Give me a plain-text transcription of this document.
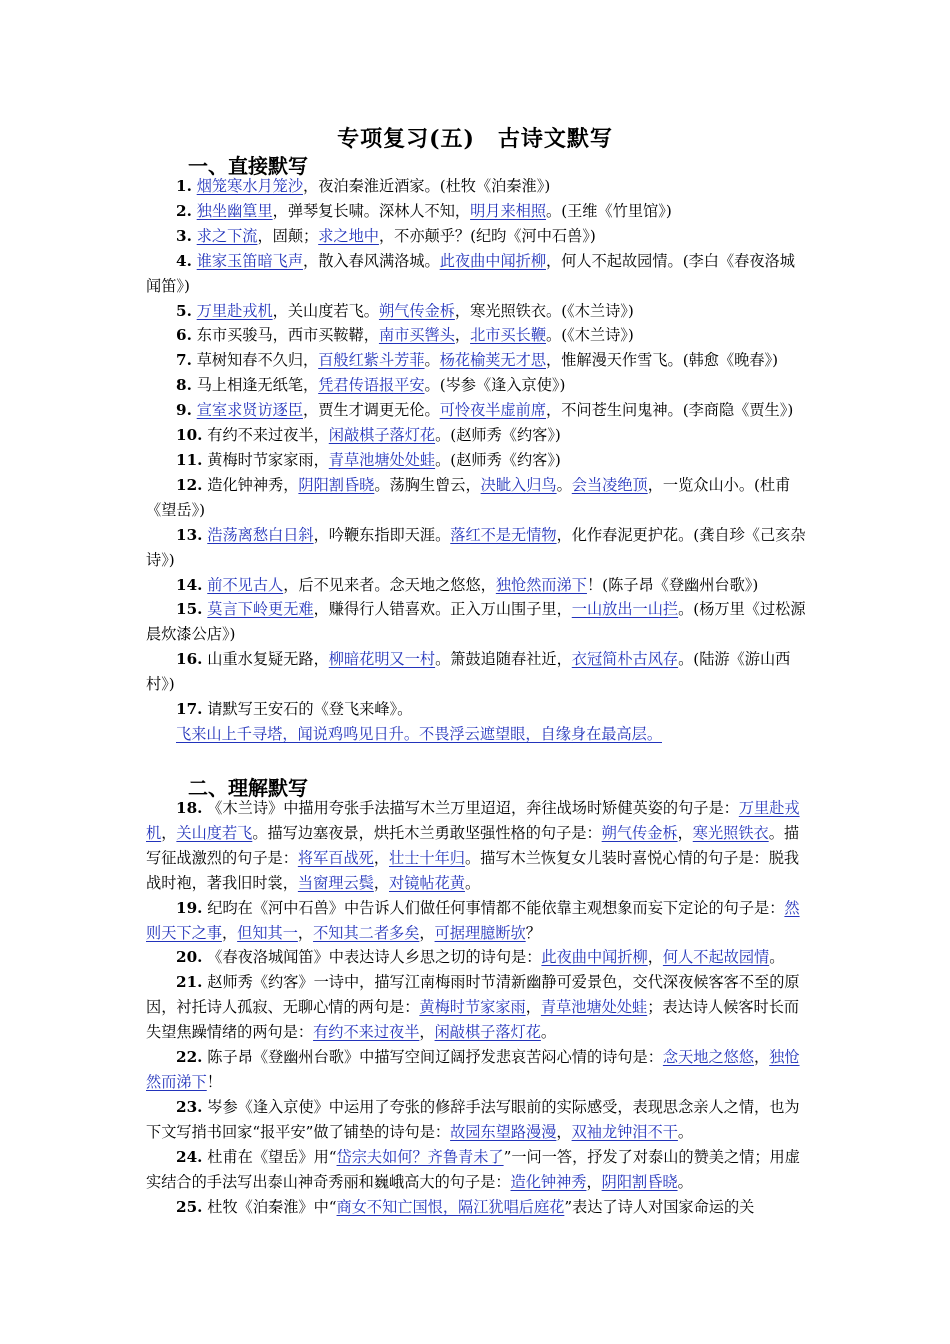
专项复习(五)　古诗文默写
一、直接默写

1. 烟笼寒水月笼沙，夜泊秦淮近酒家。(杜牧《泊秦淮》)

2. 独坐幽篁里，弹琴复长啸。深林人不知，明月来相照。(王维《竹里馆》)

3. 求之下流，固颠；求之地中，不亦颠乎？(纪昀《河中石兽》)

4. 谁家玉笛暗飞声，散入春风满洛城。此夜曲中闻折柳，何人不起故园情。(李白《春夜洛城闻笛》)

5. 万里赴戎机，关山度若飞。朔气传金柝，寒光照铁衣。(《木兰诗》)

6. 东市买骏马，西市买鞍鞯，南市买辔头，北市买长鞭。(《木兰诗》)

7. 草树知春不久归，百般红紫斗芳菲。杨花榆荚无才思，惟解漫天作雪飞。(韩愈《晚春》)

8. 马上相逢无纸笔，凭君传语报平安。(岑参《逢入京使》)

9. 宣室求贤访逐臣，贾生才调更无伦。可怜夜半虚前席，不问苍生问鬼神。(李商隐《贾生》)

10. 有约不来过夜半，闲敲棋子落灯花。(赵师秀《约客》)

11. 黄梅时节家家雨，青草池塘处处蛙。(赵师秀《约客》)

12. 造化钟神秀，阴阳割昏晓。荡胸生曾云，决眦入归鸟。会当凌绝顶，一览众山小。(杜甫《望岳》)

13. 浩荡离愁白日斜，吟鞭东指即天涯。落红不是无情物，化作春泥更护花。(龚自珍《己亥杂诗》)

14. 前不见古人，后不见来者。念天地之悠悠，独怆然而涕下！(陈子昂《登幽州台歌》)

15. 莫言下岭更无难，赚得行人错喜欢。正入万山围子里，一山放出一山拦。(杨万里《过松源晨炊漆公店》)

16. 山重水复疑无路，柳暗花明又一村。箫鼓追随春社近，衣冠简朴古风存。(陆游《游山西村》)

17. 请默写王安石的《登飞来峰》。

飞来山上千寻塔，闻说鸡鸣见日升。不畏浮云遮望眼，自缘身在最高层。

二、理解默写

18. 《木兰诗》中描用夸张手法描写木兰万里迢迢，奔往战场时矫健英姿的句子是：万里赴戎机，关山度若飞。描写边塞夜景，烘托木兰勇敢坚强性格的句子是：朔气传金柝，寒光照铁衣。描写征战激烈的句子是：将军百战死，壮士十年归。描写木兰恢复女儿装时喜悦心情的句子是：脱我战时袍，著我旧时裳，当窗理云鬓，对镜帖花黄。

19. 纪昀在《河中石兽》中告诉人们做任何事情都不能依靠主观想象而妄下定论的句子是：然则天下之事，但知其一，不知其二者多矣，可据理臆断欤？

20. 《春夜洛城闻笛》中表达诗人乡思之切的诗句是：此夜曲中闻折柳，何人不起故园情。

21. 赵师秀《约客》一诗中，描写江南梅雨时节清新幽静可爱景色，交代深夜候客客不至的原因，衬托诗人孤寂、无聊心情的两句是：黄梅时节家家雨，青草池塘处处蛙；表达诗人候客时长而失望焦躁情绪的两句是：有约不来过夜半，闲敲棋子落灯花。

22. 陈子昂《登幽州台歌》中描写空间辽阔抒发悲哀苦闷心情的诗句是：念天地之悠悠，独怆然而涕下！

23. 岑参《逢入京使》中运用了夸张的修辞手法写眼前的实际感受，表现思念亲人之情，也为下文写捎书回家“报平安”做了铺垫的诗句是：故园东望路漫漫，双袖龙钟泪不干。

24. 杜甫在《望岳》用“岱宗夫如何？齐鲁青未了”一问一答，抒发了对泰山的赞美之情；用虚实结合的手法写出泰山神奇秀丽和巍峨高大的句子是：造化钟神秀，阴阳割昏晓。

25. 杜牧《泊秦淮》中“商女不知亡国恨，隔江犹唱后庭花”表达了诗人对国家命运的关
